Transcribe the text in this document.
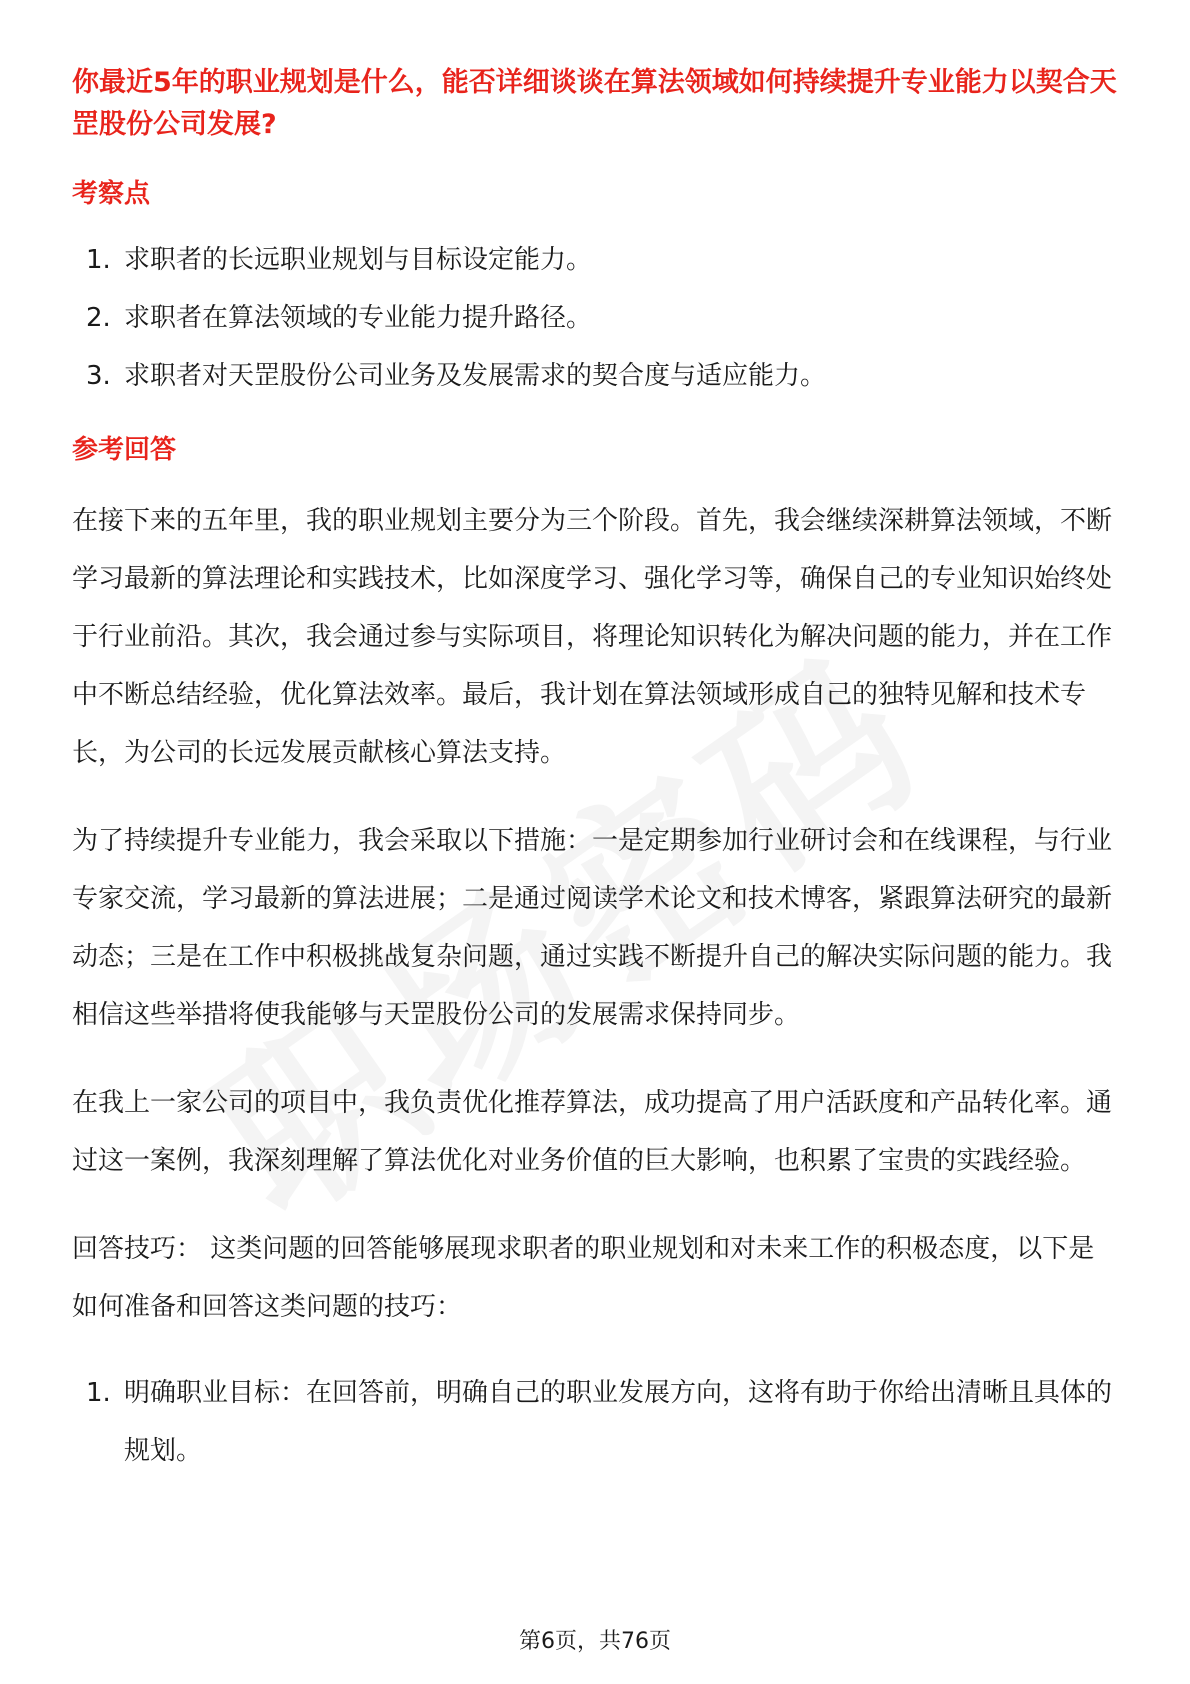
你最近5年的职业规划是什么，能否详细谈谈在算法领域如何持续提升专业能力以契合天罡股份公司发展?

考察点

1. 求职者的长远职业规划与目标设定能力。
2. 求职者在算法领域的专业能力提升路径。
3. 求职者对天罡股份公司业务及发展需求的契合度与适应能力。

参考回答

在接下来的五年里，我的职业规划主要分为三个阶段。首先，我会继续深耕算法领域，不断学习最新的算法理论和实践技术，比如深度学习、强化学习等，确保自己的专业知识始终处于行业前沿。其次，我会通过参与实际项目，将理论知识转化为解决问题的能力，并在工作中不断总结经验，优化算法效率。最后，我计划在算法领域形成自己的独特见解和技术专长，为公司的长远发展贡献核心算法支持。

为了持续提升专业能力，我会采取以下措施：一是定期参加行业研讨会和在线课程，与行业专家交流，学习最新的算法进展；二是通过阅读学术论文和技术博客，紧跟算法研究的最新动态；三是在工作中积极挑战复杂问题，通过实践不断提升自己的解决实际问题的能力。我相信这些举措将使我能够与天罡股份公司的发展需求保持同步。

在我上一家公司的项目中，我负责优化推荐算法，成功提高了用户活跃度和产品转化率。通过这一案例，我深刻理解了算法优化对业务价值的巨大影响，也积累了宝贵的实践经验。

回答技巧： 这类问题的回答能够展现求职者的职业规划和对未来工作的积极态度，以下是如何准备和回答这类问题的技巧：

1. 明确职业目标：在回答前，明确自己的职业发展方向，这将有助于你给出清晰且具体的规划。
第6页，共76页
